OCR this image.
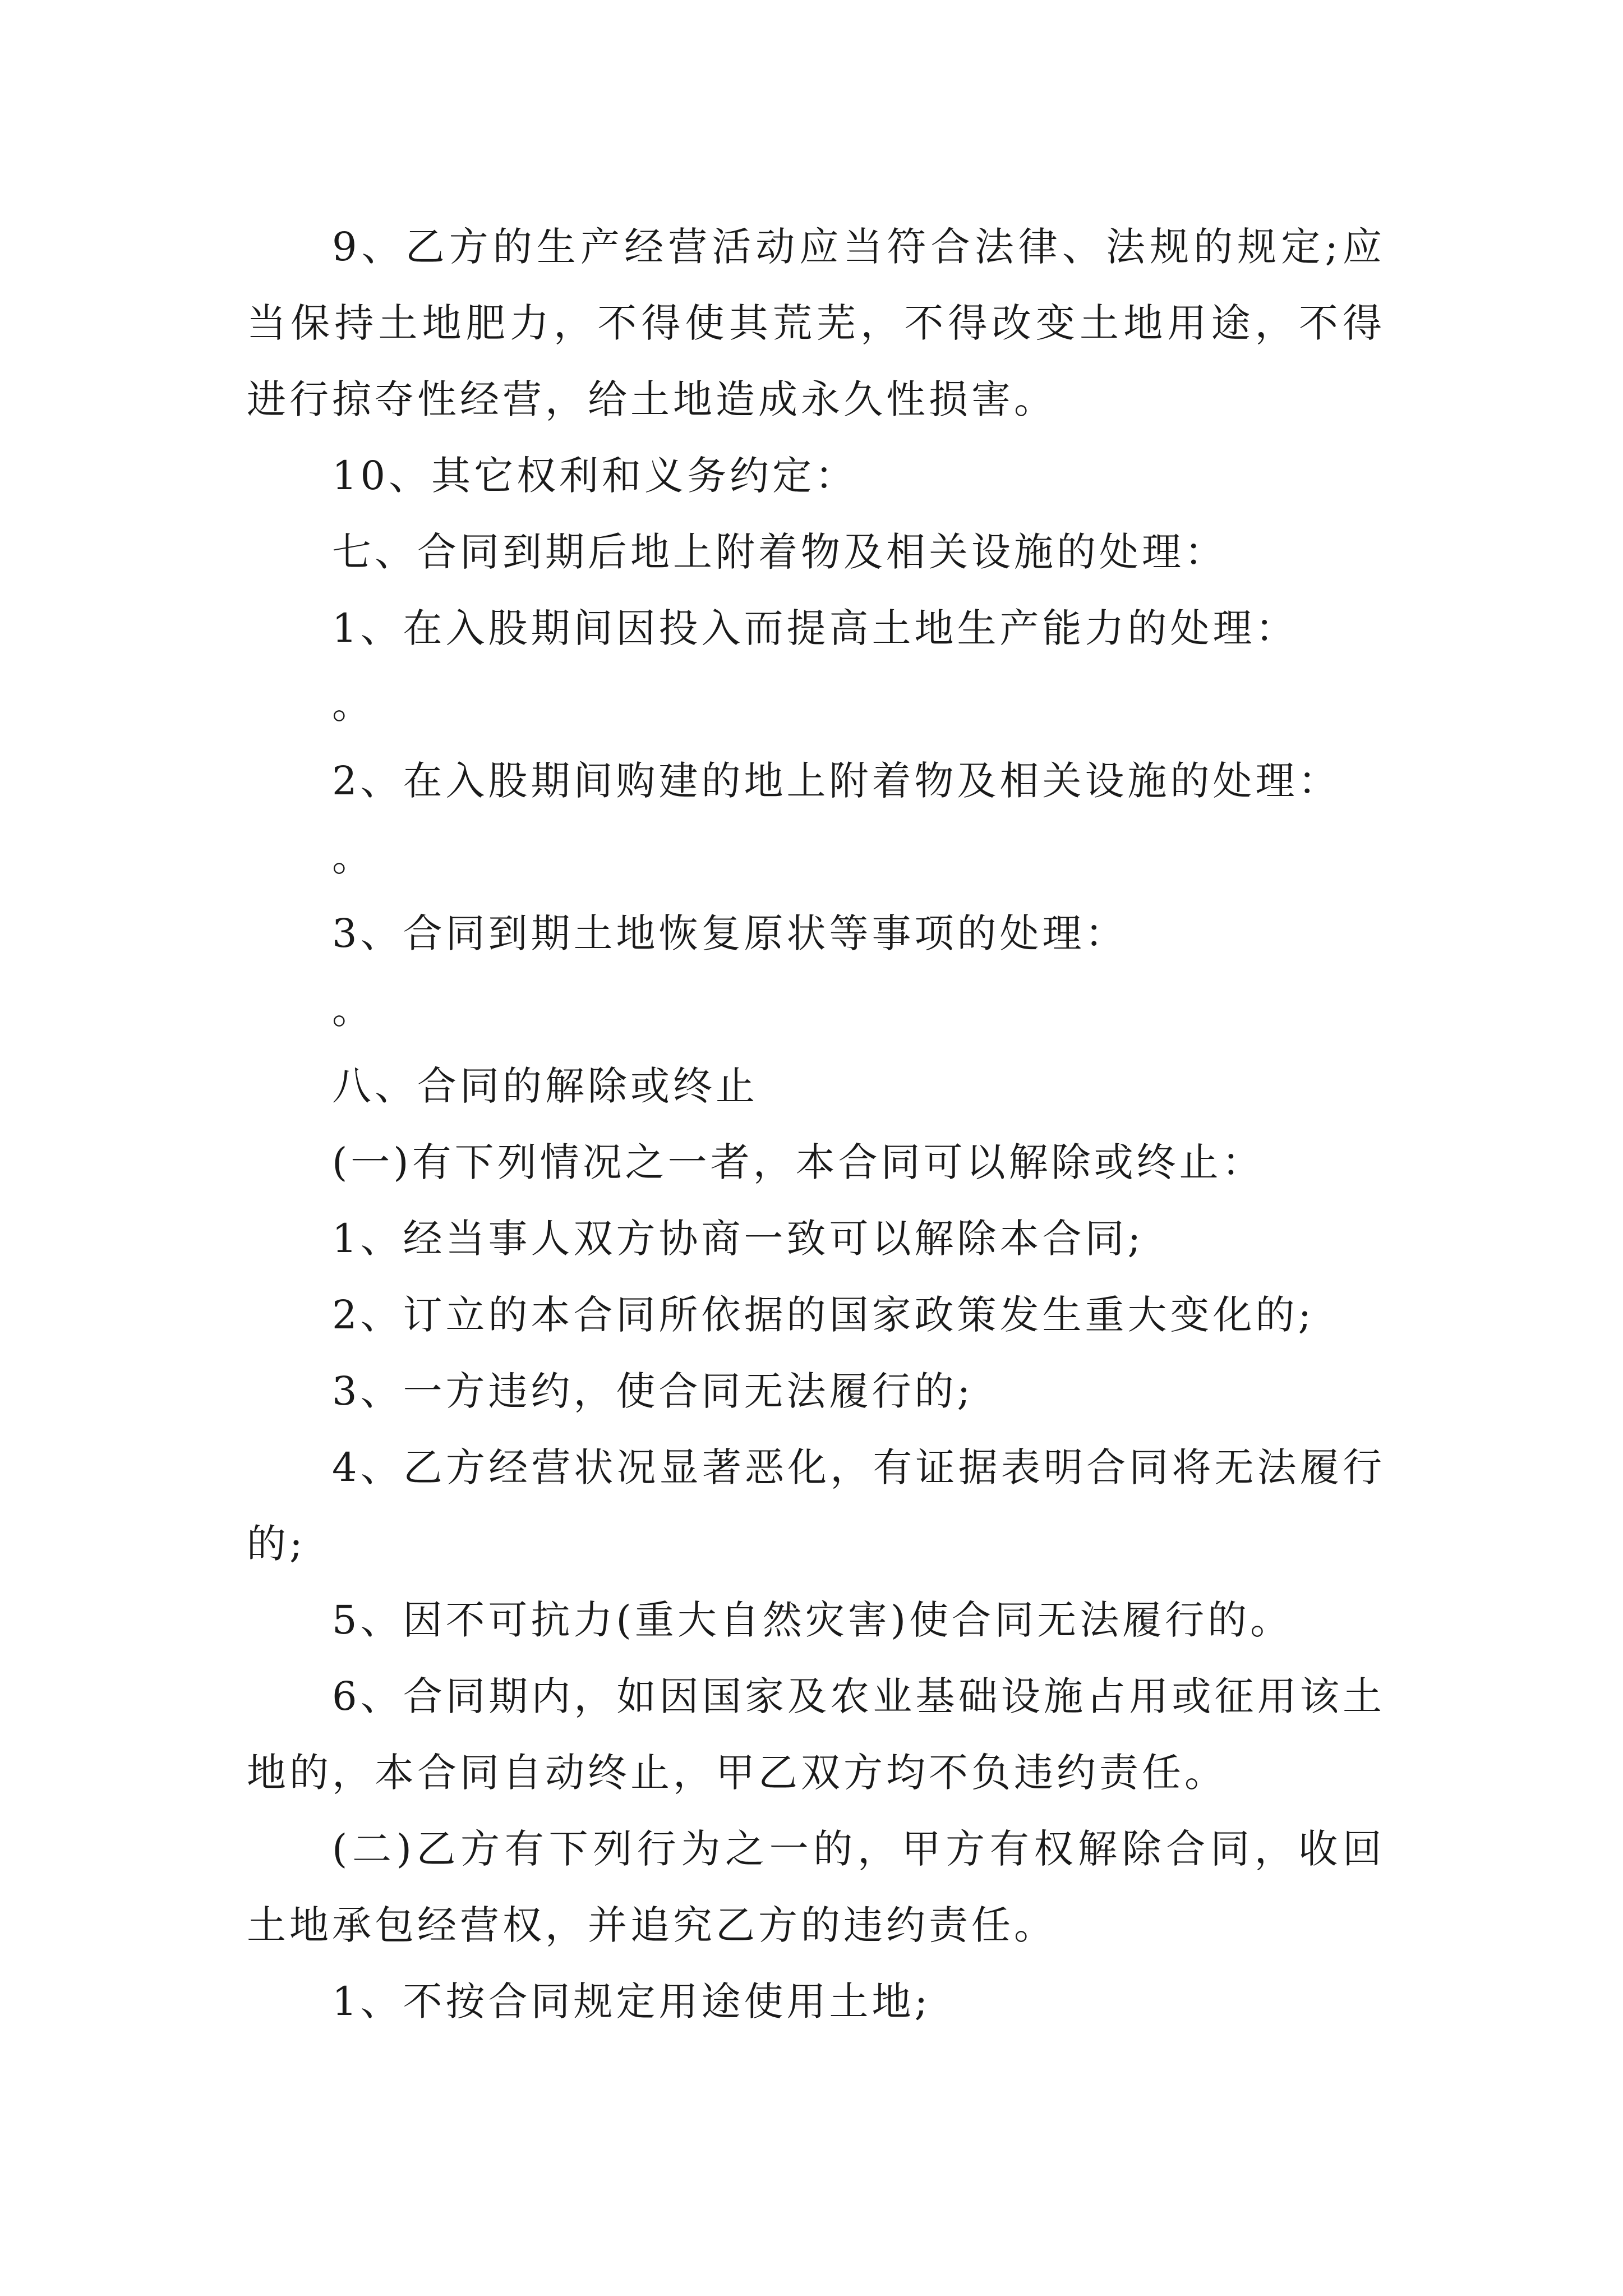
9、乙方的生产经营活动应当符合法律、法规的规定;应当保持土地肥力，不得使其荒芜，不得改变土地用途，不得进行掠夺性经营，给土地造成永久性损害。

10、其它权利和义务约定：

七、合同到期后地上附着物及相关设施的处理：

1、在入股期间因投入而提高土地生产能力的处理：

。

2、在入股期间购建的地上附着物及相关设施的处理：

。

3、合同到期土地恢复原状等事项的处理：

。

八、合同的解除或终止

(一)有下列情况之一者，本合同可以解除或终止：

1、经当事人双方协商一致可以解除本合同;

2、订立的本合同所依据的国家政策发生重大变化的;

3、一方违约，使合同无法履行的;

4、乙方经营状况显著恶化，有证据表明合同将无法履行的;

5、因不可抗力(重大自然灾害)使合同无法履行的。

6、合同期内，如因国家及农业基础设施占用或征用该土地的，本合同自动终止，甲乙双方均不负违约责任。

(二)乙方有下列行为之一的，甲方有权解除合同，收回土地承包经营权，并追究乙方的违约责任。

1、不按合同规定用途使用土地;
